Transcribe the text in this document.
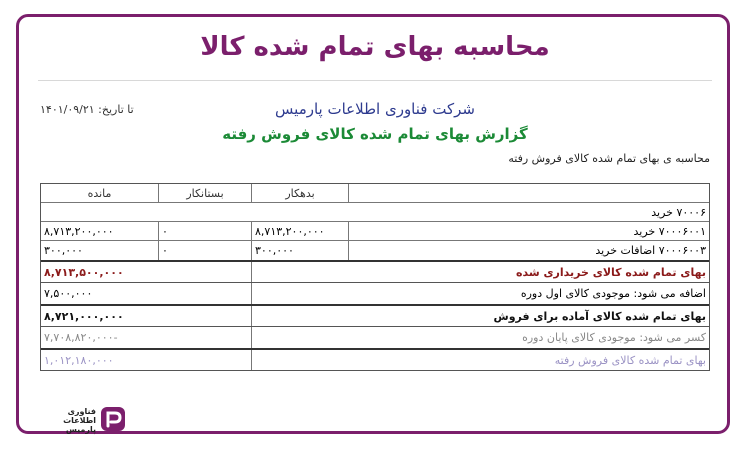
محاسبه بهای تمام شده کالا
شرکت فناوری اطلاعات پارمیس
گزارش بهای تمام شده کالای فروش رفته
تا تاریخ: ۱۴۰۱/۰۹/۲۱
محاسبه ی بهای تمام شده کالای فروش رفته
مانده	بستانکار	بدهکار
۷۰۰۰۶ خرید
۸,۷۱۳,۲۰۰,۰۰۰	۰	۸,۷۱۳,۲۰۰,۰۰۰	۷۰۰۰۶۰۰۱ خرید
۳۰۰,۰۰۰	۰	۳۰۰,۰۰۰	۷۰۰۰۶۰۰۳ اضافات خرید
۸,۷۱۳,۵۰۰,۰۰۰	بهای تمام شده کالای خریداری شده
۷,۵۰۰,۰۰۰	اضافه می شود: موجودی کالای اول دوره
۸,۷۲۱,۰۰۰,۰۰۰	بهای تمام شده کالای آماده برای فروش
۷,۷۰۸,۸۲۰,۰۰۰-	کسر می شود: موجودی کالای پایان دوره
۱,۰۱۲,۱۸۰,۰۰۰	بهای تمام شده کالای فروش رفته
فناوری
اطلاعات
پارمیس
